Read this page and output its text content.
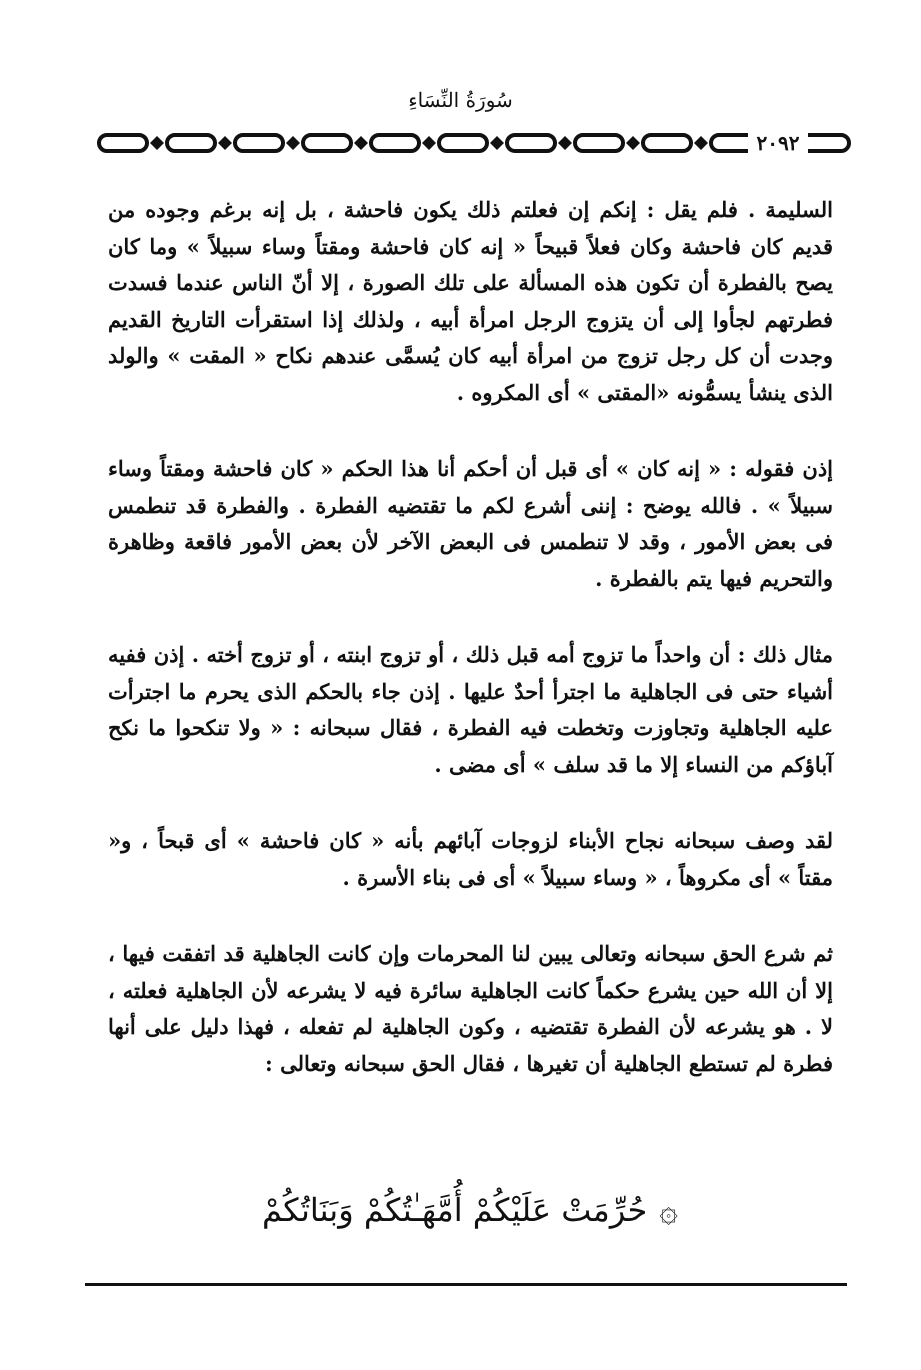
سُورَةُ النِّسَاءِ
٢٠٩٢

السليمة . فلم يقل : إنكم إن فعلتم ذلك يكون فاحشة ، بل إنه برغم وجوده من قديم كان فاحشة وكان فعلاً قبيحاً « إنه كان فاحشة ومقتاً وساء سبيلاً » وما كان يصح بالفطرة أن تكون هذه المسألة على تلك الصورة ، إلا أنّ الناس عندما فسدت فطرتهم لجأوا إلى أن يتزوج الرجل امرأة أبيه ، ولذلك إذا استقرأت التاريخ القديم وجدت أن كل رجل تزوج من امرأة أبيه كان يُسمَّى عندهم نكاح « المقت » والولد الذى ينشأ يسمُّونه «المقتى » أى المكروه .

إذن فقوله : « إنه كان » أى قبل أن أحكم أنا هذا الحكم « كان فاحشة ومقتاً وساء سبيلاً » . فالله يوضح : إننى أشرع لكم ما تقتضيه الفطرة . والفطرة قد تنطمس فى بعض الأمور ، وقد لا تنطمس فى البعض الآخر لأن بعض الأمور فاقعة وظاهرة والتحريم فيها يتم بالفطرة .

مثال ذلك : أن واحداً ما تزوج أمه قبل ذلك ، أو تزوج ابنته ، أو تزوج أخته . إذن ففيه أشياء حتى فى الجاهلية ما اجترأ أحدٌ عليها . إذن جاء بالحكم الذى يحرم ما اجترأت عليه الجاهلية وتجاوزت وتخطت فيه الفطرة ، فقال سبحانه : « ولا تنكحوا ما نكح آباؤكم من النساء إلا ما قد سلف » أى مضى .

لقد وصف سبحانه نجاح الأبناء لزوجات آبائهم بأنه « كان فاحشة » أى قبحاً ، و« مقتاً » أى مكروهاً ، « وساء سبيلاً » أى فى بناء الأسرة .

ثم شرع الحق سبحانه وتعالى يبين لنا المحرمات وإن كانت الجاهلية قد اتفقت فيها ، إلا أن الله حين يشرع حكماً كانت الجاهلية سائرة فيه لا يشرعه لأن الجاهلية فعلته ، لا . هو يشرعه لأن الفطرة تقتضيه ، وكون الجاهلية لم تفعله ، فهذا دليل على أنها فطرة لم تستطع الجاهلية أن تغيرها ، فقال الحق سبحانه وتعالى :

۞حُرِّمَتْ عَلَيْكُمْ أُمَّهَـٰتُكُمْ وَبَنَاتُكُمْ
